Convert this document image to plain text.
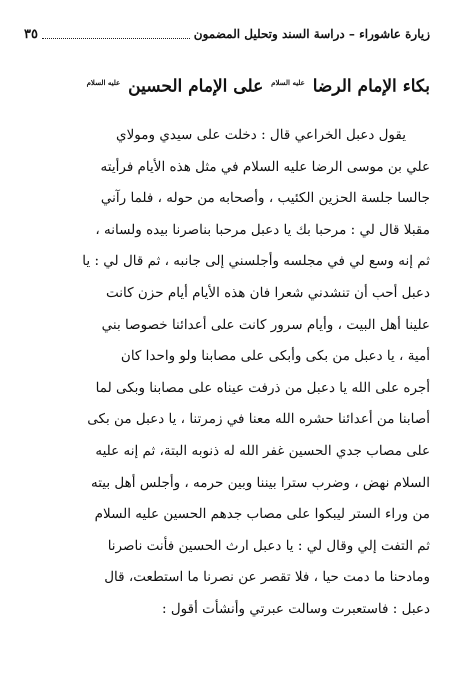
زيارة عاشوراء – دراسة السند وتحليل المضمون
٣٥
بكاء الإمام الرضا $^{عليه السلام}$ على الإمام الحسين $^{عليه السلام}$
يقول دعبل الخراعي قال : دخلت على سيدي ومولاي
علي بن موسى الرضا عليه السلام في مثل هذه الأيام فرأيته
جالسا جلسة الحزين الكئيب ، وأصحابه من حوله ، فلما رآني
مقبلا قال لي : مرحبا بك يا دعبل مرحبا بناصرنا بيده ولسانه ،
ثم إنه وسع لي في مجلسه وأجلسني إلى جانبه ، ثم قال لي : يا
دعبل أحب أن تنشدني شعرا فان هذه الأيام أيام حزن كانت
علينا أهل البيت ، وأيام سرور كانت على أعدائنا خصوصا بني
أمية ، يا دعبل من بكى وأبكى على مصابنا ولو واحدا كان
أجره على الله يا دعبل من ذرفت عيناه على مصابنا وبكى لما
أصابنا من أعدائنا حشره الله معنا في زمرتنا ، يا دعبل من بكى
على مصاب جدي الحسين غفر الله له ذنوبه البتة، ثم إنه عليه
السلام نهض ، وضرب سترا بيننا وبين حرمه ، وأجلس أهل بيته
من وراء الستر ليبكوا على مصاب جدهم الحسين عليه السلام
ثم التفت إلي وقال لي : يا دعبل ارث الحسين فأنت ناصرنا
ومادحنا ما دمت حيا ، فلا تقصر عن نصرنا ما استطعت، قال
دعبل : فاستعبرت وسالت عبرتي وأنشأت أقول :
